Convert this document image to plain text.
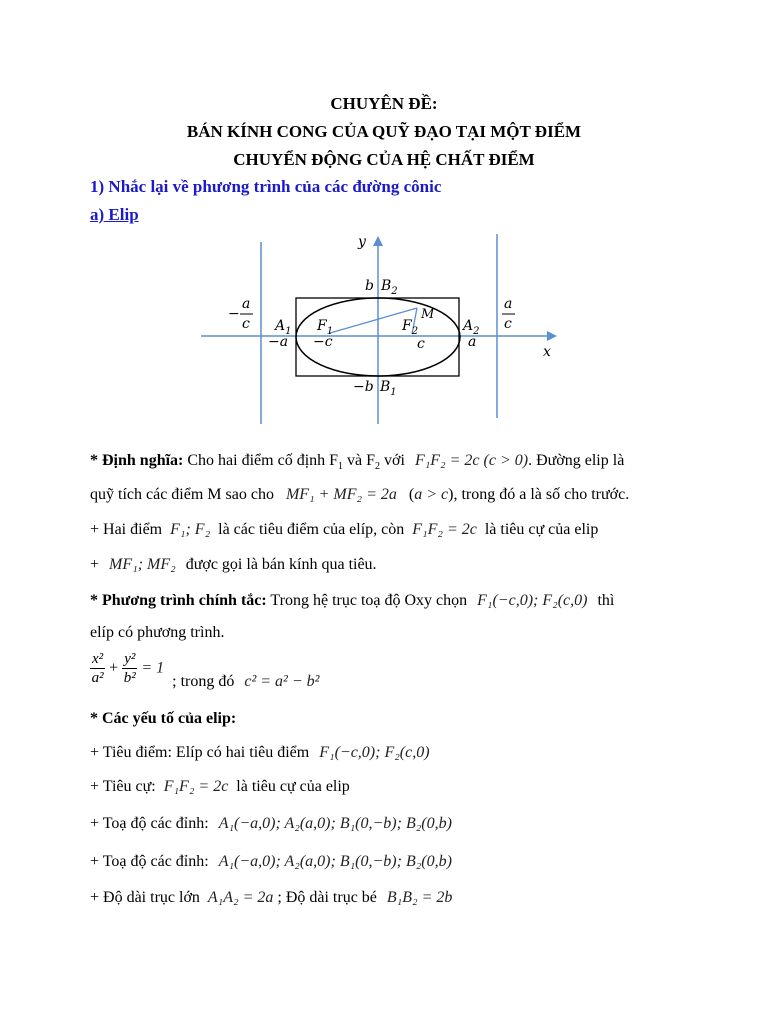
CHUYÊN ĐỀ:
BÁN KÍNH CONG CỦA QUỸ ĐẠO TẠI MỘT ĐIỂM
CHUYỂN ĐỘNG CỦA HỆ CHẤT ĐIỂM
1) Nhắc lại về phương trình của các đường cônic
a) Elip
y
x
b $B_2$
−b $B_1$
$A_1$	$A_2$
$F_1$	$F_2$
M
−a −c	c	a
−
a
c
a
c
* Định nghĩa: Cho hai điểm cố định $F_1$ và $F_2$ với F₁F₂ = 2c (c > 0). Đường elip là
quỹ tích các điểm M sao cho MF₁ + MF₂ = 2a (a > c), trong đó a là số cho trước.
+ Hai điểm F₁; F₂ là các tiêu điểm của elíp, còn F₁F₂ = 2c là tiêu cự của elip
+ MF₁; MF₂ được gọi là bán kính qua tiêu.
* Phương trình chính tắc: Trong hệ trục toạ độ Oxy chọn F₁(−c,0); F₂(c,0) thì
elíp có phương trình.
$\frac{\text{x²}}{\text{a²}} + \frac{\text{y²}}{\text{b²}} = 1$ ; trong đó c² = a² − b²
* Các yếu tố của elip:
+ Tiêu điểm: Elíp có hai tiêu điểm F₁(−c,0); F₂(c,0)
+ Tiêu cự: F₁F₂ = 2c là tiêu cự của elip
+ Toạ độ các đỉnh: A₁(−a,0); A₂(a,0); B₁(0,−b); B₂(0,b)
+ Toạ độ các đỉnh: A₁(−a,0); A₂(a,0); B₁(0,−b); B₂(0,b)
+ Độ dài trục lớn A₁A₂ = 2a ; Độ dài trục bé B₁B₂ = 2b
